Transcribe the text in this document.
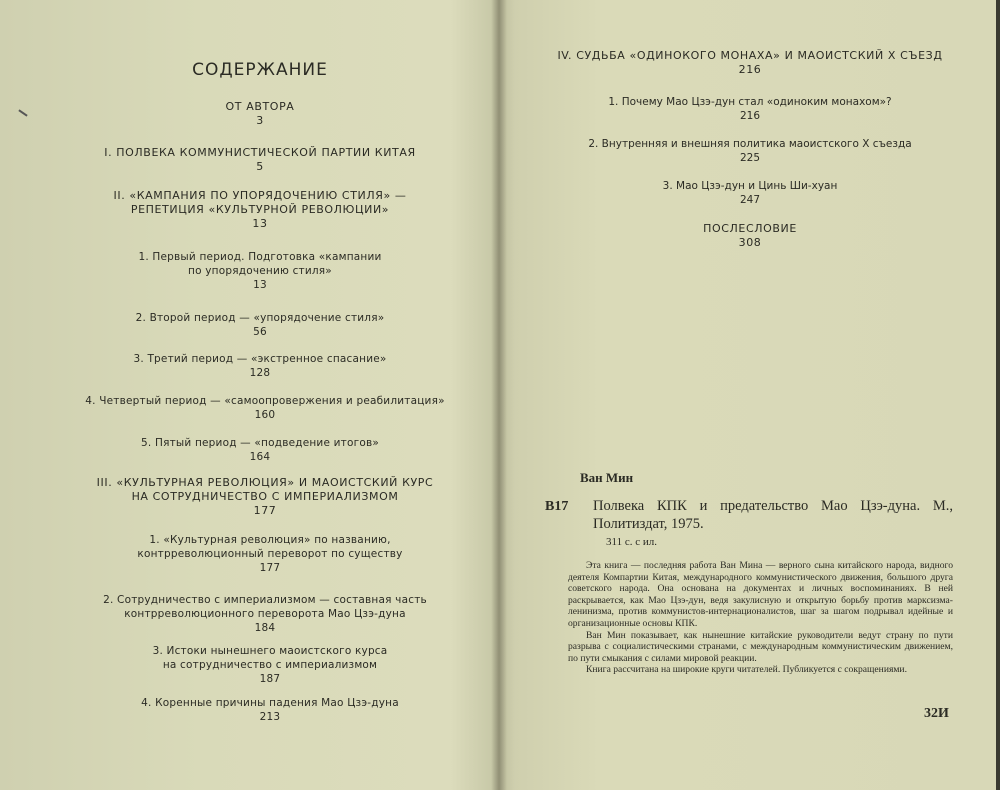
СОДЕРЖАНИЕ
ОТ АВТОРА
3
I. ПОЛВЕКА КОММУНИСТИЧЕСКОЙ ПАРТИИ КИТАЯ
5
II. «КАМПАНИЯ ПО УПОРЯДОЧЕНИЮ СТИЛЯ» —
РЕПЕТИЦИЯ «КУЛЬТУРНОЙ РЕВОЛЮЦИИ»
13
1. Первый период. Подготовка «кампании
по упорядочению стиля»
13
2. Второй период — «упорядочение стиля»
56
3. Третий период — «экстренное спасание»
128
4. Четвертый период — «самоопровержения и реабилитация»
160
5. Пятый период — «подведение итогов»
164
III. «КУЛЬТУРНАЯ РЕВОЛЮЦИЯ» И МАОИСТСКИЙ КУРС
НА СОТРУДНИЧЕСТВО С ИМПЕРИАЛИЗМОМ
177
1. «Культурная революция» по названию,
контрреволюционный переворот по существу
177
2. Сотрудничество с империализмом — составная часть
контрреволюционного переворота Мао Цзэ-дуна
184
3. Истоки нынешнего маоистского курса
на сотрудничество с империализмом
187
4. Коренные причины падения Мао Цзэ-дуна
213
IV. СУДЬБА «ОДИНОКОГО МОНАХА» И МАОИСТСКИЙ X СЪЕЗД
216
1. Почему Мао Цзэ-дун стал «одиноким монахом»?
216
2. Внутренняя и внешняя политика маоистского X съезда
225
3. Мао Цзэ-дун и Цинь Ши-хуан
247
ПОСЛЕСЛОВИЕ
308
Ван Мин
В17 Полвека КПК и предательство Мао Цзэ-дуна. М., Политиздат, 1975.
311 с. с ил.

Эта книга — последняя работа Ван Мина — верного сына китайского народа, видного деятеля Компартии Китая, международного коммунистического движения, большого друга советского народа. Она основана на документах и личных воспоминаниях. В ней раскрывается, как Мао Цзэ-дун, ведя закулисную и открытую борьбу против марксизма-ленинизма, против коммунистов-интернационалистов, шаг за шагом подрывал идейные и организационные основы КПК.

Ван Мин показывает, как нынешние китайские руководители ведут страну по пути разрыва с социалистическими странами, с международным коммунистическим движением, по пути смыкания с силами мировой реакции.

Книга рассчитана на широкие круги читателей. Публикуется с сокращениями.

32И
